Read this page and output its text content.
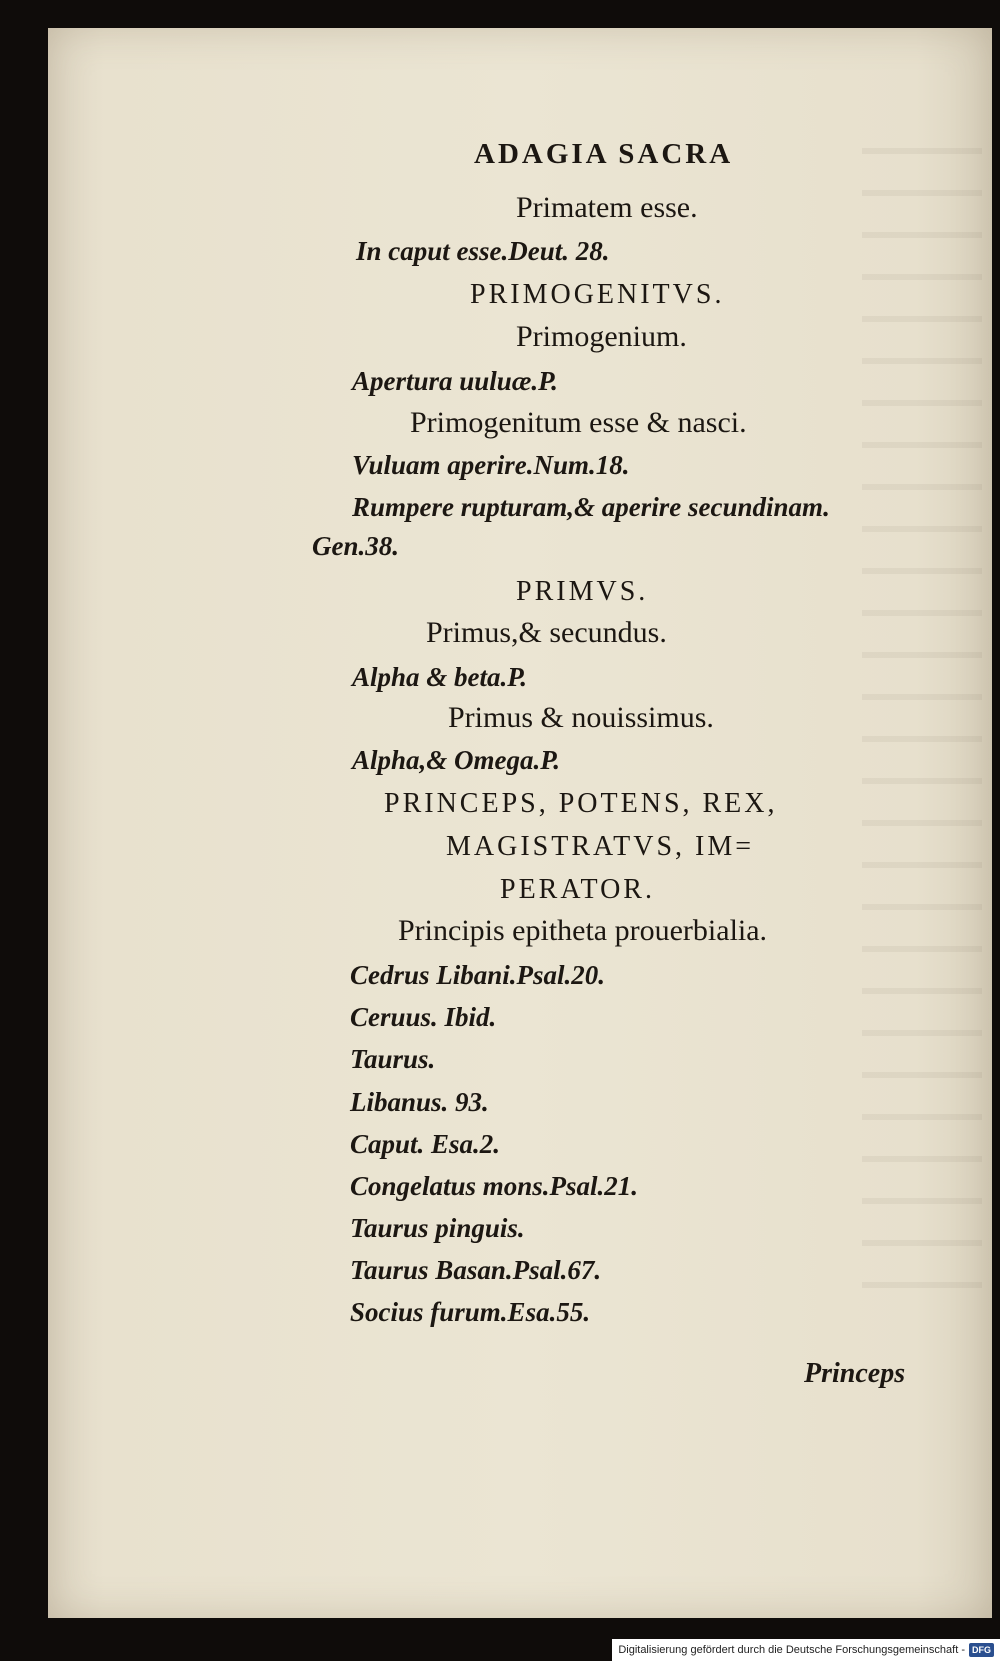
ADAGIA SACRA
Primatem esse.
In caput esse.Deut. 28.
PRIMOGENITVS.
Primogenium.
Apertura uuluæ.P.
Primogenitum esse & nasci.
Vuluam aperire.Num.18.
Rumpere rupturam,& aperire secundinam.
Gen.38.
PRIMVS.
Primus,& secundus.
Alpha & beta.P.
Primus & nouissimus.
Alpha,& Omega.P.
PRINCEPS, POTENS, REX,
MAGISTRATVS, IM=
PERATOR.
Principis epitheta prouerbialia.
Cedrus Libani.Psal.20.
Ceruus. Ibid.
Taurus.
Libanus. 93.
Caput. Esa.2.
Congelatus mons.Psal.21.
Taurus pinguis.
Taurus Basan.Psal.67.
Socius furum.Esa.55.
Princeps
Digitalisierung gefördert durch die Deutsche Forschungsgemeinschaft - DFG
